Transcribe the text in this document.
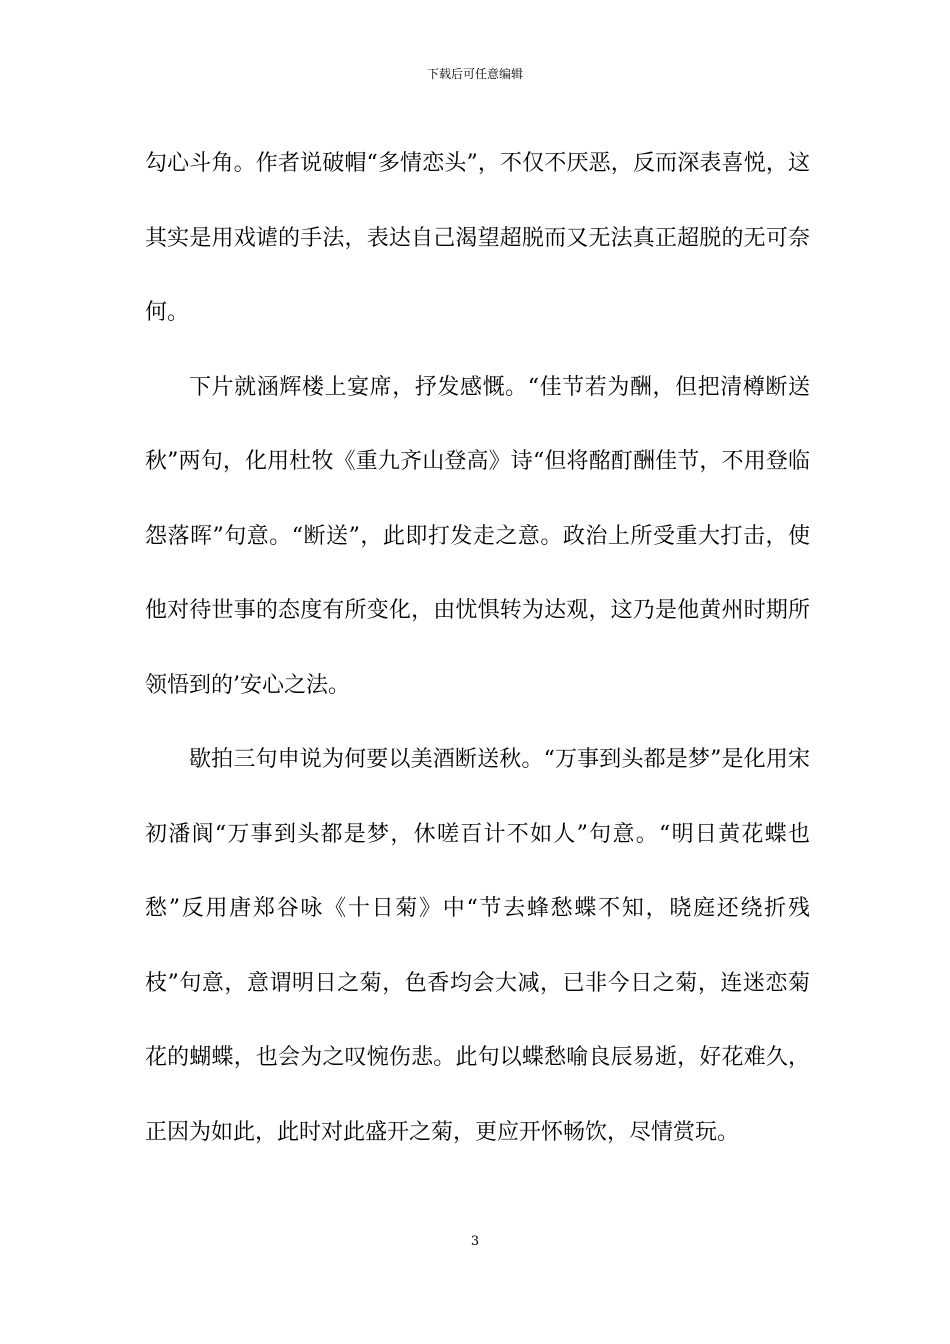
下载后可任意编辑

勾心斗角。作者说破帽“多情恋头”，不仅不厌恶，反而深表喜悦，这其实是用戏谑的手法，表达自己渴望超脱而又无法真正超脱的无可奈何。

下片就涵辉楼上宴席，抒发感慨。“佳节若为酬，但把清樽断送秋”两句，化用杜牧《重九齐山登高》诗“但将酩酊酬佳节，不用登临怨落晖”句意。“断送”，此即打发走之意。政治上所受重大打击，使他对待世事的态度有所变化，由忧惧转为达观，这乃是他黄州时期所领悟到的’安心之法。

歇拍三句申说为何要以美酒断送秋。“万事到头都是梦”是化用宋初潘阆“万事到头都是梦，休嗟百计不如人”句意。“明日黄花蝶也愁”反用唐郑谷咏《十日菊》中“节去蜂愁蝶不知，晓庭还绕折残枝”句意，意谓明日之菊，色香均会大减，已非今日之菊，连迷恋菊花的蝴蝶，也会为之叹惋伤悲。此句以蝶愁喻良辰易逝，好花难久，正因为如此，此时对此盛开之菊，更应开怀畅饮，尽情赏玩。

3
